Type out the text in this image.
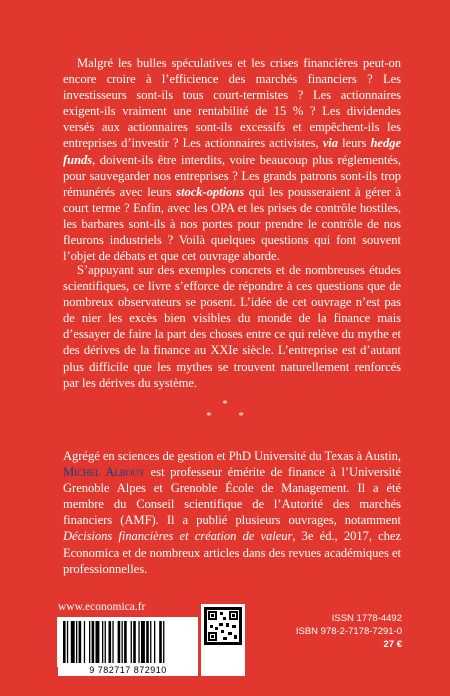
Malgré les bulles spéculatives et les crises financières peut-on encore croire à l’efficience des marchés financiers ? Les investisseurs sont-ils tous court-termistes ? Les actionnaires exigent-ils vraiment une rentabilité de 15 % ? Les dividendes versés aux actionnaires sont-ils excessifs et empêchent-ils les entreprises d’investir ? Les actionnaires activistes, via leurs hedge funds, doivent-ils être interdits, voire beaucoup plus réglementés, pour sauvegarder nos entreprises ? Les grands patrons sont-ils trop rémunérés avec leurs stock-options qui les pousseraient à gérer à court terme ? Enfin, avec les OPA et les prises de contrôle hostiles, les barbares sont-ils à nos portes pour prendre le contrôle de nos fleurons industriels ? Voilà quelques questions qui font souvent l’objet de débats et que cet ouvrage aborde.

S’appuyant sur des exemples concrets et de nombreuses études scientifiques, ce livre s’efforce de répondre à ces questions que de nombreux observateurs se posent. L’idée de cet ouvrage n’est pas de nier les excès bien visibles du monde de la finance mais d’essayer de faire la part des choses entre ce qui relève du mythe et des dérives de la finance au XXIe siècle. L’entreprise est d’autant plus difficile que les mythes se trouvent naturellement renforcés par les dérives du système.

*
* *

Agrégé en sciences de gestion et PhD Université du Texas à Austin, Michel Albouy est professeur émérite de finance à l’Université Grenoble Alpes et Grenoble École de Management. Il a été membre du Conseil scientifique de l’Autorité des marchés financiers (AMF). Il a publié plusieurs ouvrages, notamment Décisions financières et création de valeur, 3e éd., 2017, chez Economica et de nombreux articles dans des revues académiques et professionnelles.

www.economica.fr
9 782717 872910
ISSN 1778-4492
ISBN 978-2-7178-7291-0
27 €
